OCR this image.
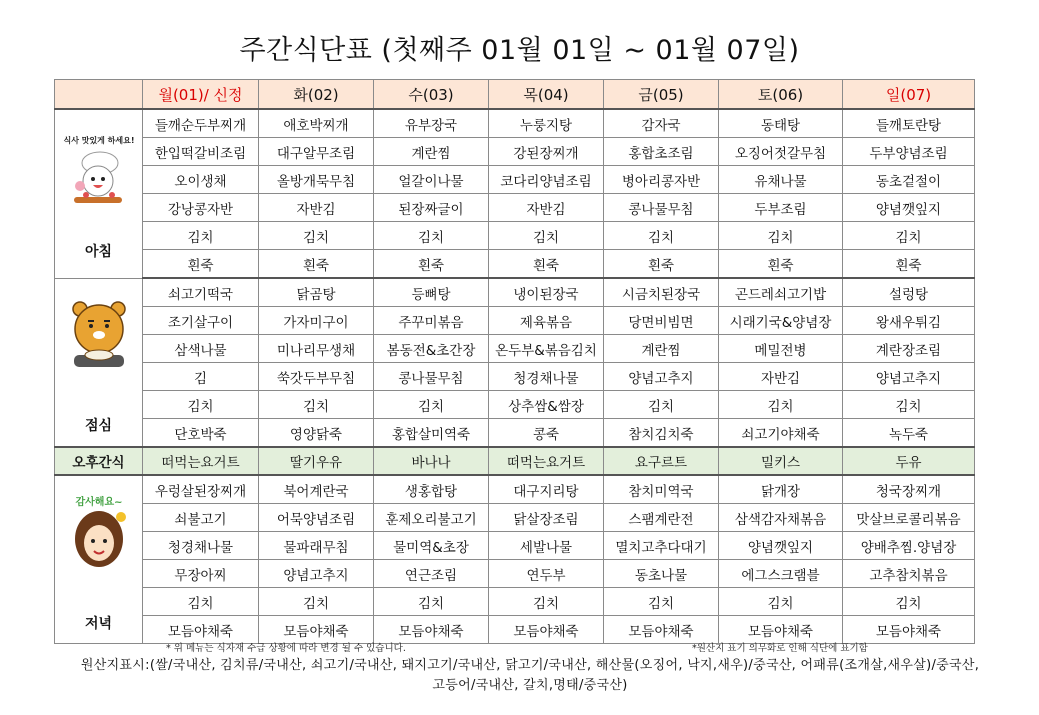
주간식단표 (첫째주 01월 01일 ~ 01월 07일)
	월(01)/ 신정	화(02)	수(03)	목(04)	금(05)	토(06)	일(07)

식사 맛있게 하세요!
아침	들깨순두부찌개	애호박찌개	유부장국	누룽지탕	감자국	동태탕	들깨토란탕
	한입떡갈비조림	대구알무조림	계란찜	강된장찌개	홍합초조림	오징어젓갈무침	두부양념조림
	오이생채	올방개묵무침	얼갈이나물	코다리양념조림	병아리콩자반	유채나물	동초겉절이
	강낭콩자반	자반김	된장짜글이	자반김	콩나물무침	두부조림	양념깻잎지
	김치	김치	김치	김치	김치	김치	김치
	흰죽	흰죽	흰죽	흰죽	흰죽	흰죽	흰죽

점심	쇠고기떡국	닭곰탕	등뼈탕	냉이된장국	시금치된장국	곤드레쇠고기밥	설렁탕
	조기살구이	가자미구이	주꾸미볶음	제육볶음	당면비빔면	시래기국&양념장	왕새우튀김
	삼색나물	미나리무생채	봄동전&초간장	온두부&볶음김치	계란찜	메밀전병	계란장조림
	김	쑥갓두부무침	콩나물무침	청경채나물	양념고추지	자반김	양념고추지
	김치	김치	김치	상추쌈&쌈장	김치	김치	김치
	단호박죽	영양닭죽	홍합살미역죽	콩죽	참치김치죽	쇠고기야채죽	녹두죽
오후간식	떠먹는요거트	딸기우유	바나나	떠먹는요거트	요구르트	밀키스	두유

감사해요~
저녁	우렁살된장찌개	북어계란국	생홍합탕	대구지리탕	참치미역국	닭개장	청국장찌개
	쇠불고기	어묵양념조림	훈제오리불고기	닭살장조림	스팸계란전	삼색감자채볶음	맛살브로콜리볶음
	청경채나물	물파래무침	물미역&초장	세발나물	멸치고추다대기	양념깻잎지	양배추찜.양념장
	무장아찌	양념고추지	연근조림	연두부	동초나물	에그스크램블	고추참치볶음
	김치	김치	김치	김치	김치	김치	김치
	모듬야채죽	모듬야채죽	모듬야채죽	모듬야채죽	모듬야채죽	모듬야채죽	모듬야채죽
* 위 메뉴는 식자재 수급 상황에 따라 변경 될 수 있습니다.	*원산지 표기 의무화로 인해 식단에 표기함
원산지표시:(쌀/국내산, 김치류/국내산, 쇠고기/국내산, 돼지고기/국내산, 닭고기/국내산, 해산물(오징어, 낙지,새우)/중국산, 어패류(조개살,새우살)/중국산, 고등어/국내산, 갈치,명태/중국산)
